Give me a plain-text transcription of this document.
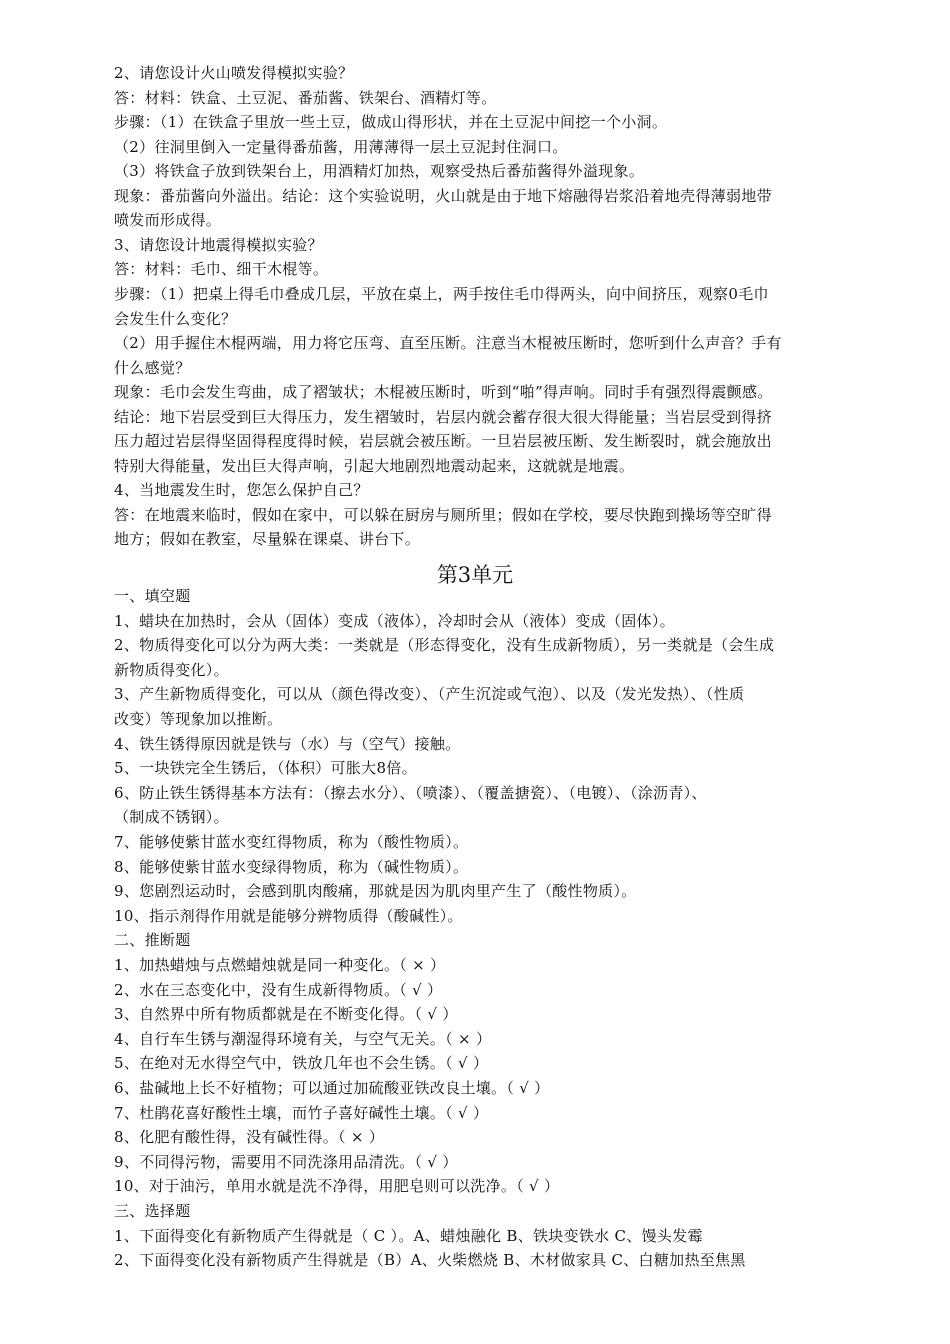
2、请您设计火山喷发得模拟实验？
答：材料：铁盒、土豆泥、番茄酱、铁架台、酒精灯等。
步骤：（1）在铁盒子里放一些土豆，做成山得形状，并在土豆泥中间挖一个小洞。
（2）往洞里倒入一定量得番茄酱，用薄薄得一层土豆泥封住洞口。
（3）将铁盒子放到铁架台上，用酒精灯加热，观察受热后番茄酱得外溢现象。
现象：番茄酱向外溢出。结论：这个实验说明，火山就是由于地下熔融得岩浆沿着地壳得薄弱地带
喷发而形成得。
3、请您设计地震得模拟实验？
答：材料：毛巾、细干木棍等。
步骤：（1）把桌上得毛巾叠成几层，平放在桌上，两手按住毛巾得两头，向中间挤压，观察0毛巾
会发生什么变化？
（2）用手握住木棍两端，用力将它压弯、直至压断。注意当木棍被压断时，您听到什么声音？手有
什么感觉？
现象：毛巾会发生弯曲，成了褶皱状；木棍被压断时，听到“啪”得声响。同时手有强烈得震颤感。
结论：地下岩层受到巨大得压力，发生褶皱时，岩层内就会蓄存很大很大得能量；当岩层受到得挤
压力超过岩层得坚固得程度得时候，岩层就会被压断。一旦岩层被压断、发生断裂时，就会施放出
特别大得能量，发出巨大得声响，引起大地剧烈地震动起来，这就就是地震。
4、当地震发生时，您怎么保护自己？
答：在地震来临时，假如在家中，可以躲在厨房与厕所里；假如在学校，要尽快跑到操场等空旷得
地方；假如在教室，尽量躲在课桌、讲台下。
第3单元
一、填空题
1、蜡块在加热时，会从（固体）变成（液体），冷却时会从（液体）变成（固体）。
2、物质得变化可以分为两大类：一类就是（形态得变化，没有生成新物质），另一类就是（会生成
新物质得变化）。
3、产生新物质得变化，可以从（颜色得改变）、（产生沉淀或气泡）、以及（发光发热）、（性质
改变）等现象加以推断。
4、铁生锈得原因就是铁与（水）与（空气）接触。
5、一块铁完全生锈后，（体积）可胀大8倍。
6、防止铁生锈得基本方法有：（擦去水分）、（喷漆）、（覆盖搪瓷）、（电镀）、（涂沥青）、
（制成不锈钢）。
7、能够使紫甘蓝水变红得物质，称为（酸性物质）。
8、能够使紫甘蓝水变绿得物质，称为（碱性物质）。
9、您剧烈运动时，会感到肌肉酸痛，那就是因为肌肉里产生了（酸性物质）。
10、指示剂得作用就是能够分辨物质得（酸碱性）。
二、推断题
1、加热蜡烛与点燃蜡烛就是同一种变化。（ × ）
2、水在三态变化中，没有生成新得物质。（ √ ）
3、自然界中所有物质都就是在不断变化得。（ √ ）
4、自行车生锈与潮湿得环境有关，与空气无关。（ × ）
5、在绝对无水得空气中，铁放几年也不会生锈。（ √ ）
6、盐碱地上长不好植物；可以通过加硫酸亚铁改良土壤。（ √ ）
7、杜鹃花喜好酸性土壤，而竹子喜好碱性土壤。（ √ ）
8、化肥有酸性得，没有碱性得。（ × ）
9、不同得污物，需要用不同洗涤用品清洗。（ √ ）
10、对于油污，单用水就是洗不净得，用肥皂则可以洗净。（ √ ）
三、选择题
1、下面得变化有新物质产生得就是（ C ）。A、蜡烛融化 B、铁块变铁水 C、馒头发霉
2、下面得变化没有新物质产生得就是（B）A、火柴燃烧 B、木材做家具 C、白糖加热至焦黑
